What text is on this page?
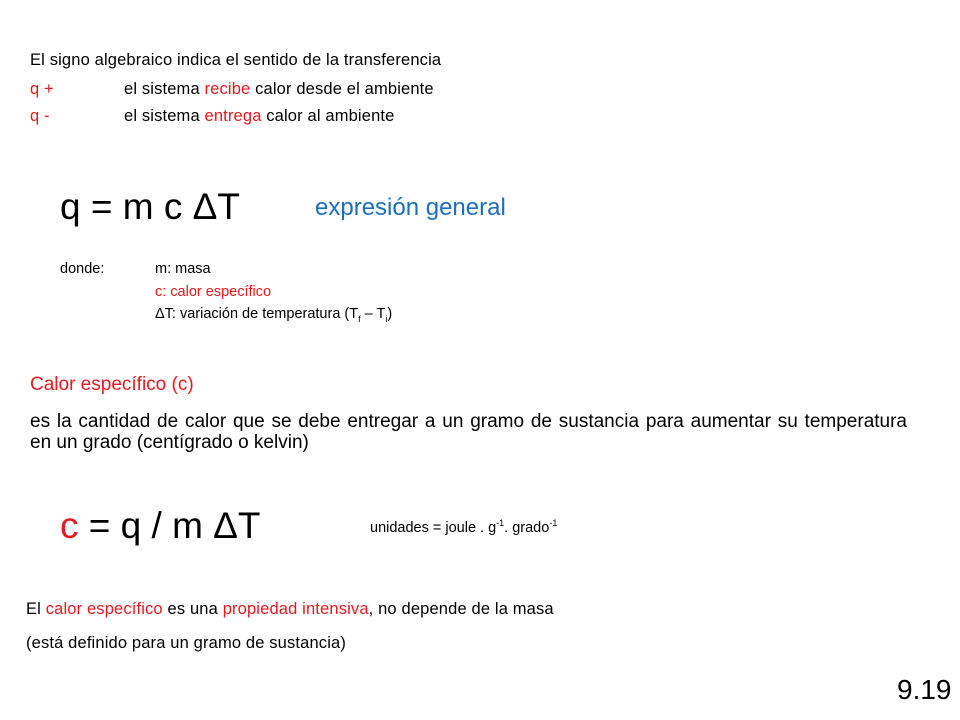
El signo algebraico indica el sentido de la transferencia
q +	el sistema recibe calor desde el ambiente
q -	el sistema entrega calor al ambiente
q = m c ΔT	expresión general
donde:	m: masa
c: calor específico
ΔT: variación de temperatura $(T_f - T_i)$
Calor específico (c)
es la cantidad de calor que se debe entregar a un gramo de sustancia para aumentar su temperatura en un grado (centígrado o kelvin)
c = q / m ΔT	unidades = joule . $g^{-1}$. grado$^{-1}$
El calor específico es una propiedad intensiva, no depende de la masa
(está definido para un gramo de sustancia)
9.19
